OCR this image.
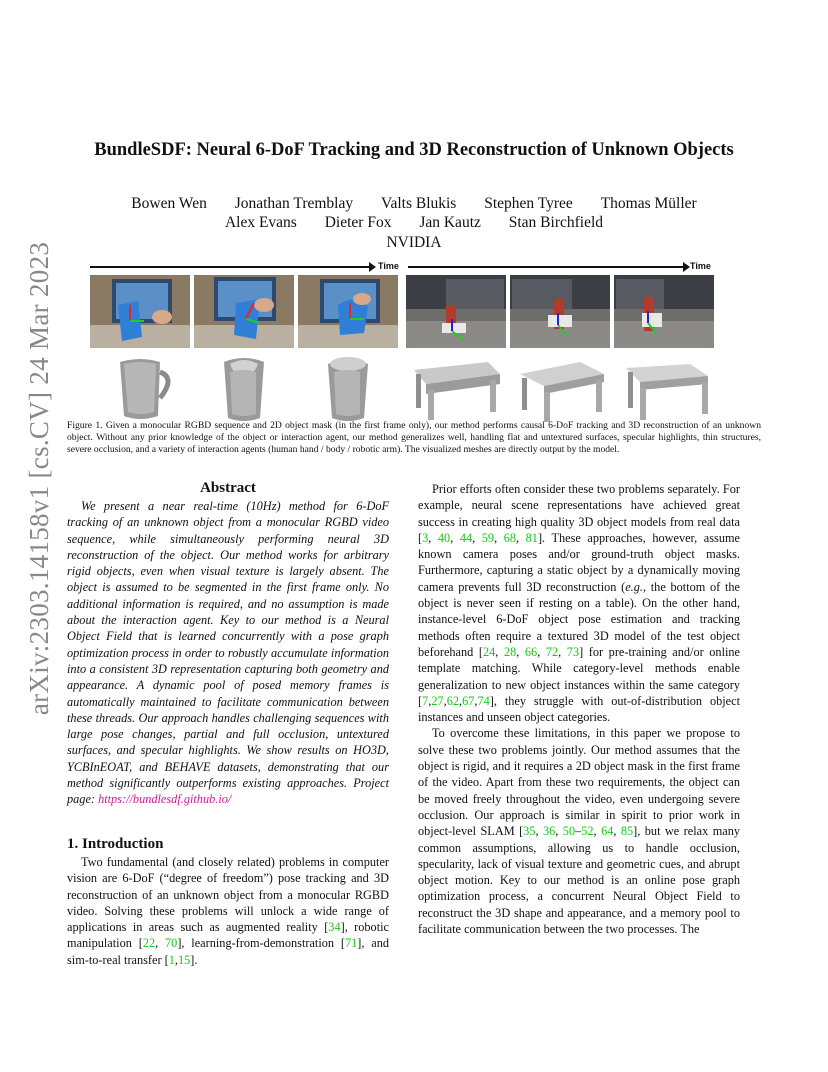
arXiv:2303.14158v1 [cs.CV] 24 Mar 2023
BundleSDF: Neural 6-DoF Tracking and 3D Reconstruction of Unknown Objects
Bowen Wen Jonathan Tremblay Valts Blukis Stephen Tyree Thomas Müller
Alex Evans Dieter Fox Jan Kautz Stan Birchfield
NVIDIA
Time	Time
Figure 1. Given a monocular RGBD sequence and 2D object mask (in the first frame only), our method performs causal 6-DoF tracking and 3D reconstruction of an unknown object. Without any prior knowledge of the object or interaction agent, our method generalizes well, handling flat and untextured surfaces, specular highlights, thin structures, severe occlusion, and a variety of interaction agents (human hand / body / robotic arm). The visualized meshes are directly output by the model.
Abstract

We present a near real-time (10Hz) method for 6-DoF tracking of an unknown object from a monocular RGBD video sequence, while simultaneously performing neural 3D reconstruction of the object. Our method works for arbitrary rigid objects, even when visual texture is largely absent. The object is assumed to be segmented in the first frame only. No additional information is required, and no assumption is made about the interaction agent. Key to our method is a Neural Object Field that is learned concurrently with a pose graph optimization process in order to robustly accumulate information into a consistent 3D representation capturing both geometry and appearance. A dynamic pool of posed memory frames is automatically maintained to facilitate communication between these threads. Our approach handles challenging sequences with large pose changes, partial and full occlusion, untextured surfaces, and specular highlights. We show results on HO3D, YCBInEOAT, and BEHAVE datasets, demonstrating that our method significantly outperforms existing approaches. Project page: https://bundlesdf.github.io/

1. Introduction

Two fundamental (and closely related) problems in computer vision are 6-DoF (“degree of freedom”) pose tracking and 3D reconstruction of an unknown object from a monocular RGBD video. Solving these problems will unlock a wide range of applications in areas such as augmented reality [34], robotic manipulation [22, 70], learning-from-demonstration [71], and sim-to-real transfer [1,15].

Prior efforts often consider these two problems separately. For example, neural scene representations have achieved great success in creating high quality 3D object models from real data [3, 40, 44, 59, 68, 81]. These approaches, however, assume known camera poses and/or ground-truth object masks. Furthermore, capturing a static object by a dynamically moving camera prevents full 3D reconstruction (e.g., the bottom of the object is never seen if resting on a table). On the other hand, instance-level 6-DoF object pose estimation and tracking methods often require a textured 3D model of the test object beforehand [24, 28, 66, 72, 73] for pre-training and/or online template matching. While category-level methods enable generalization to new object instances within the same category [7,27,62,67,74], they struggle with out-of-distribution object instances and unseen object categories.

To overcome these limitations, in this paper we propose to solve these two problems jointly. Our method assumes that the object is rigid, and it requires a 2D object mask in the first frame of the video. Apart from these two requirements, the object can be moved freely throughout the video, even undergoing severe occlusion. Our approach is similar in spirit to prior work in object-level SLAM [35, 36, 50–52, 64, 85], but we relax many common assumptions, allowing us to handle occlusion, specularity, lack of visual texture and geometric cues, and abrupt object motion. Key to our method is an online pose graph optimization process, a concurrent Neural Object Field to reconstruct the 3D shape and appearance, and a memory pool to facilitate communication between the two processes. The
